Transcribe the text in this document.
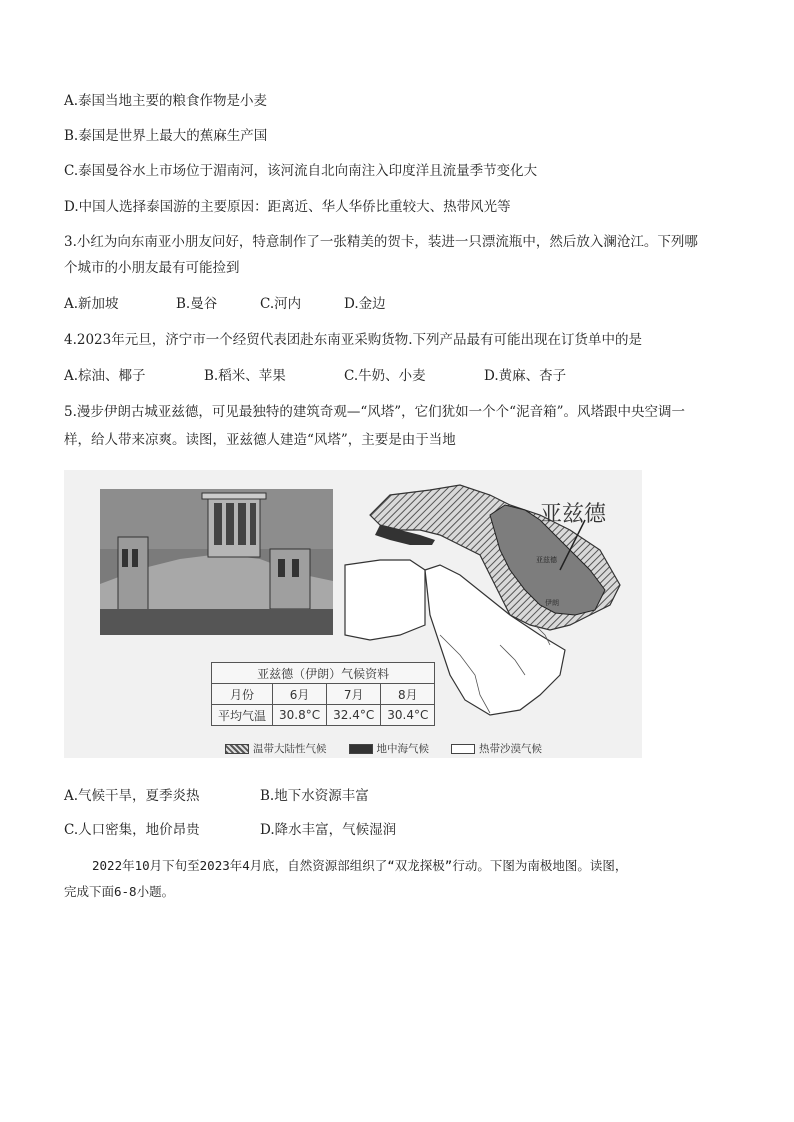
A.泰国当地主要的粮食作物是小麦
B.泰国是世界上最大的蕉麻生产国
C.泰国曼谷水上市场位于湄南河，该河流自北向南注入印度洋且流量季节变化大
D.中国人选择泰国游的主要原因：距离近、华人华侨比重较大、热带风光等
3.小红为向东南亚小朋友问好，特意制作了一张精美的贺卡，装进一只漂流瓶中，然后放入澜沧江。下列哪
个城市的小朋友最有可能捡到
A.新加坡	B.曼谷	C.河内	D.金边
4.2023年元旦，济宁市一个经贸代表团赴东南亚采购货物.下列产品最有可能出现在订货单中的是
A.棕油、椰子	B.稻米、苹果	C.牛奶、小麦	D.黄麻、杏子
5.漫步伊朗古城亚兹德，可见最独特的建筑奇观—“风塔”，它们犹如一个个“泥音箱”。风塔跟中央空调一
样，给人带来凉爽。读图，亚兹德人建造“风塔”，主要是由于当地
亚兹德
伊朗
亚兹德
亚兹德（伊朗）气候资料			
月份	6月	7月	8月
平均气温	30.8°C	32.4°C	30.4°C
温带大陆性气候	地中海气候	热带沙漠气候
A.气候干旱，夏季炎热	B.地下水资源丰富
C.人口密集，地价昂贵	D.降水丰富，气候湿润
2022年10月下旬至2023年4月底，自然资源部组织了“双龙探极”行动。下图为南极地图。读图，
完成下面6-8小题。
